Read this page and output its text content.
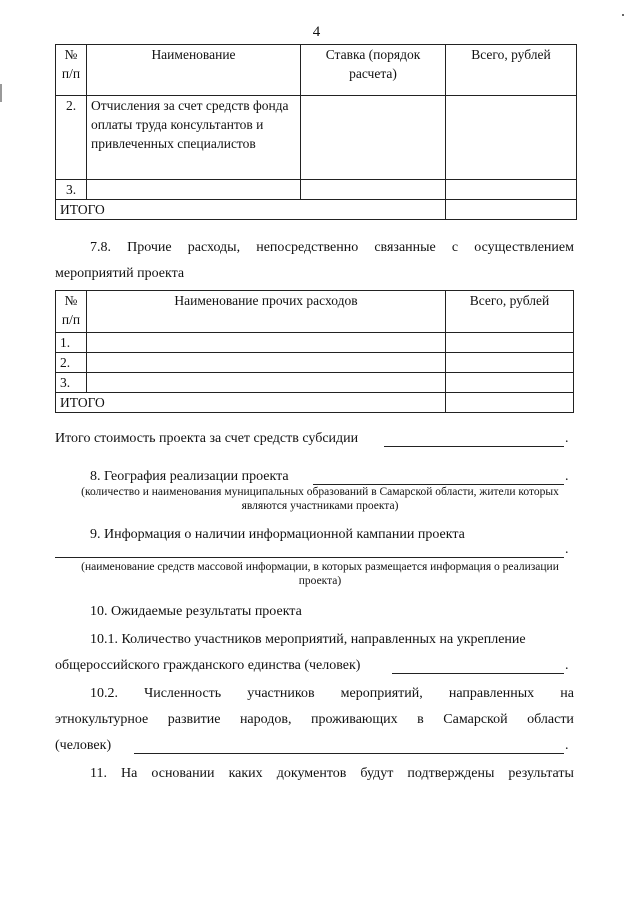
4
№ п/п	Наименование	Ставка (порядок расчета)	Всего, рублей
2.	Отчисления за счет средств фонда оплаты труда консультантов и привлеченных специалистов		
3.			
ИТОГО			
7.8. Прочие расходы, непосредственно связанные с осуществлением
мероприятий проекта
№ п/п	Наименование прочих расходов	Всего, рублей
1.		
2.		
3.		
ИТОГО		
Итого стоимость проекта за счет средств субсидии	.
8. География реализации проекта	.
(количество и наименования муниципальных образований в Самарской области, жители которых являются участниками проекта)
9. Информация о наличии информационной кампании проекта
.
(наименование средств массовой информации, в которых размещается информация о реализации проекта)
10. Ожидаемые результаты проекта
10.1. Количество участников мероприятий, направленных на укрепление
общероссийского гражданского единства (человек)	.
10.2. Численность участников мероприятий, направленных на
этнокультурное развитие народов, проживающих в Самарской области
(человек)	.
11. На основании каких документов будут подтверждены результаты
